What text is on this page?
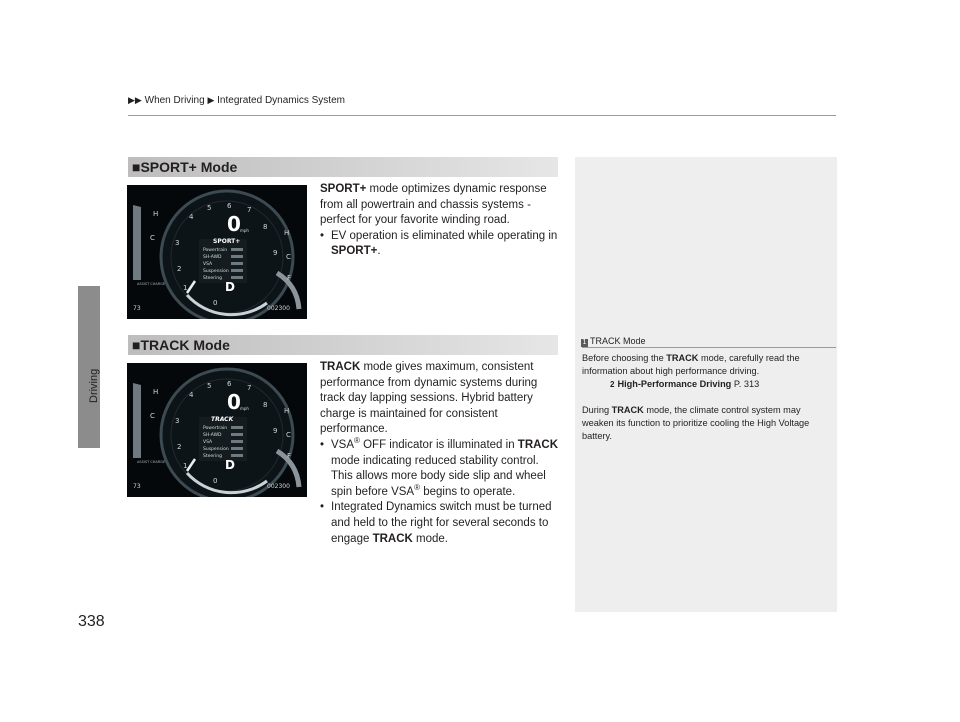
▶▶ When Driving ▶ Integrated Dynamics System
Driving
338
■SPORT+ Mode
3
4
5 6 7
8
9
2
1
0
H
C
C
H
F
0 mph
SPORT+
Powertrain
SH-AWD
VSA
Suspension
Steering
D
ASSIST CHARGE
73	002300

SPORT+ mode optimizes dynamic response from all powertrain and chassis systems - perfect for your favorite winding road.

• EV operation is eliminated while operating in SPORT+.

■TRACK Mode
3
4
5 6 7
8
9
2
1
0
H
C
C
H
F
0 mph
TRACK
Powertrain
SH-AWD
VSA
Suspension
Steering
D
ASSIST CHARGE
73	002300

TRACK mode gives maximum, consistent performance from dynamic systems during track day lapping sessions. Hybrid battery charge is maintained for consistent performance.

• VSA® OFF indicator is illuminated in TRACK mode indicating reduced stability control. This allows more body side slip and wheel spin before VSA® begins to operate.

• Integrated Dynamics switch must be turned and held to the right for several seconds to engage TRACK mode.

1 TRACK Mode

Before choosing the TRACK mode, carefully read the information about high performance driving.

2 High-Performance Driving P. 313

During TRACK mode, the climate control system may weaken its function to prioritize cooling the High Voltage battery.
